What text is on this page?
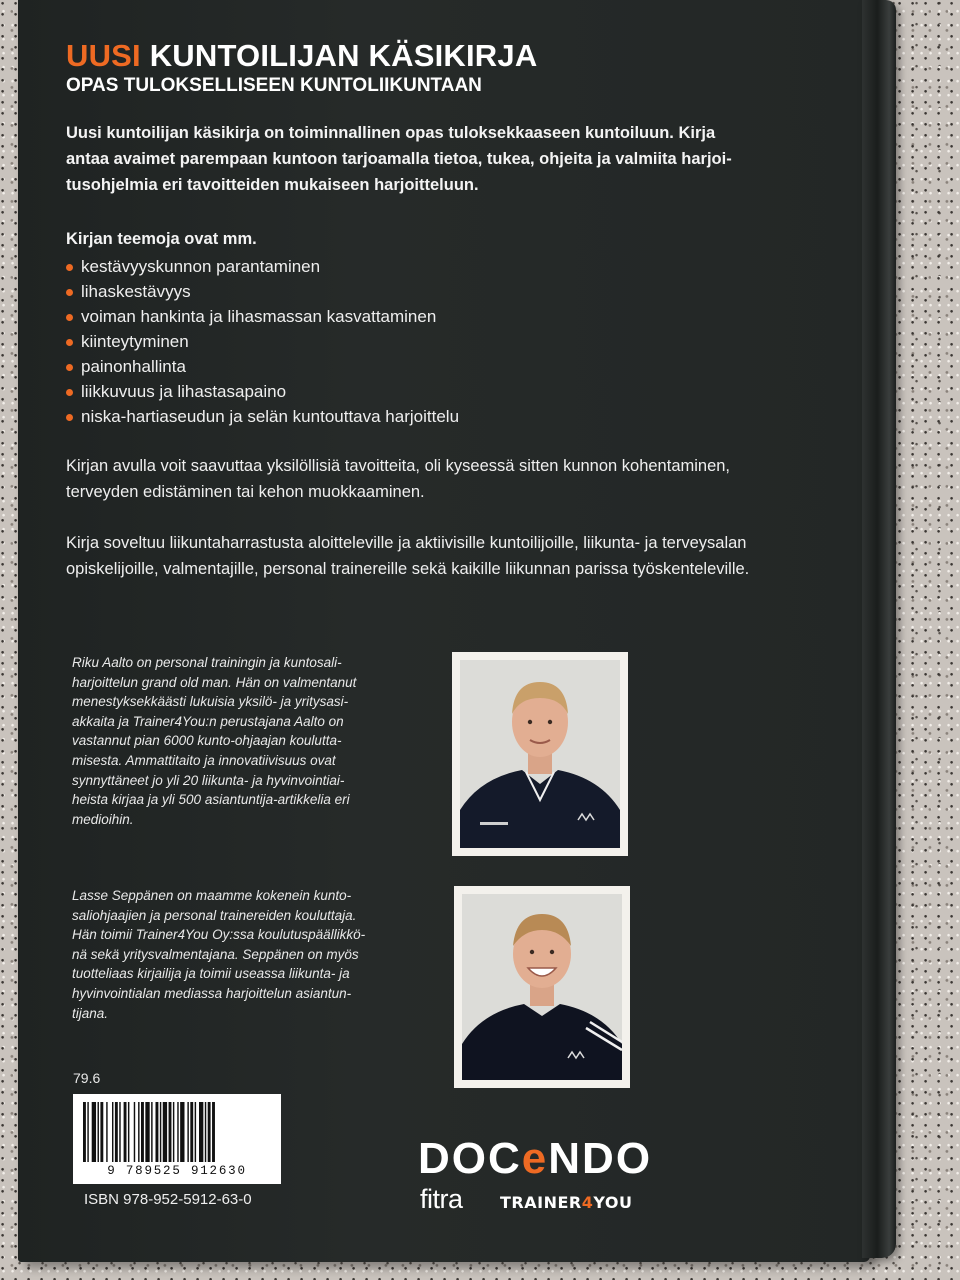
UUSI KUNTOILIJAN KÄSIKIRJA
OPAS TULOKSELLISEEN KUNTOLIIKUNTAAN

Uusi kuntoilijan käsikirja on toiminnallinen opas tuloksekkaaseen kuntoiluun. Kirja
antaa avaimet parempaan kuntoon tarjoamalla tietoa, tukea, ohjeita ja valmiita harjoi-
tusohjelmia eri tavoitteiden mukaiseen harjoitteluun.

Kirjan teemoja ovat mm.
kestävyyskunnon parantaminen
lihaskestävyys
voiman hankinta ja lihasmassan kasvattaminen
kiinteytyminen
painonhallinta
liikkuvuus ja lihastasapaino
niska-hartiaseudun ja selän kuntouttava harjoittelu

Kirjan avulla voit saavuttaa yksilöllisiä tavoitteita, oli kyseessä sitten kunnon kohentaminen,
terveyden edistäminen tai kehon muokkaaminen.

Kirja soveltuu liikuntaharrastusta aloitteleville ja aktiivisille kuntoilijoille, liikunta- ja terveysalan
opiskelijoille, valmentajille, personal trainereille sekä kaikille liikunnan parissa työskenteleville.

Riku Aalto on personal trainingin ja kuntosali-
harjoittelun grand old man. Hän on valmentanut
menestyksekkäästi lukuisia yksilö- ja yritysasi-
akkaita ja Trainer4You:n perustajana Aalto on
vastannut pian 6000 kunto-ohjaajan koulutta-
misesta. Ammattitaito ja innovatiivisuus ovat
synnyttäneet jo yli 20 liikunta- ja hyvinvointiai-
heista kirjaa ja yli 500 asiantuntija-artikkelia eri
medioihin.

Lasse Seppänen on maamme kokenein kunto-
saliohjaajien ja personal trainereiden kouluttaja.
Hän toimii Trainer4You Oy:ssa koulutuspäällikkö-
nä sekä yritysvalmentajana. Seppänen on myös
tuotteliaas kirjailija ja toimii useassa liikunta- ja
hyvinvointialan mediassa harjoittelun asiantun-
tijana.

79.6

9 789525 912630

ISBN 978-952-5912-63-0

DOCeNDO

fitra TRAINER4YOU
